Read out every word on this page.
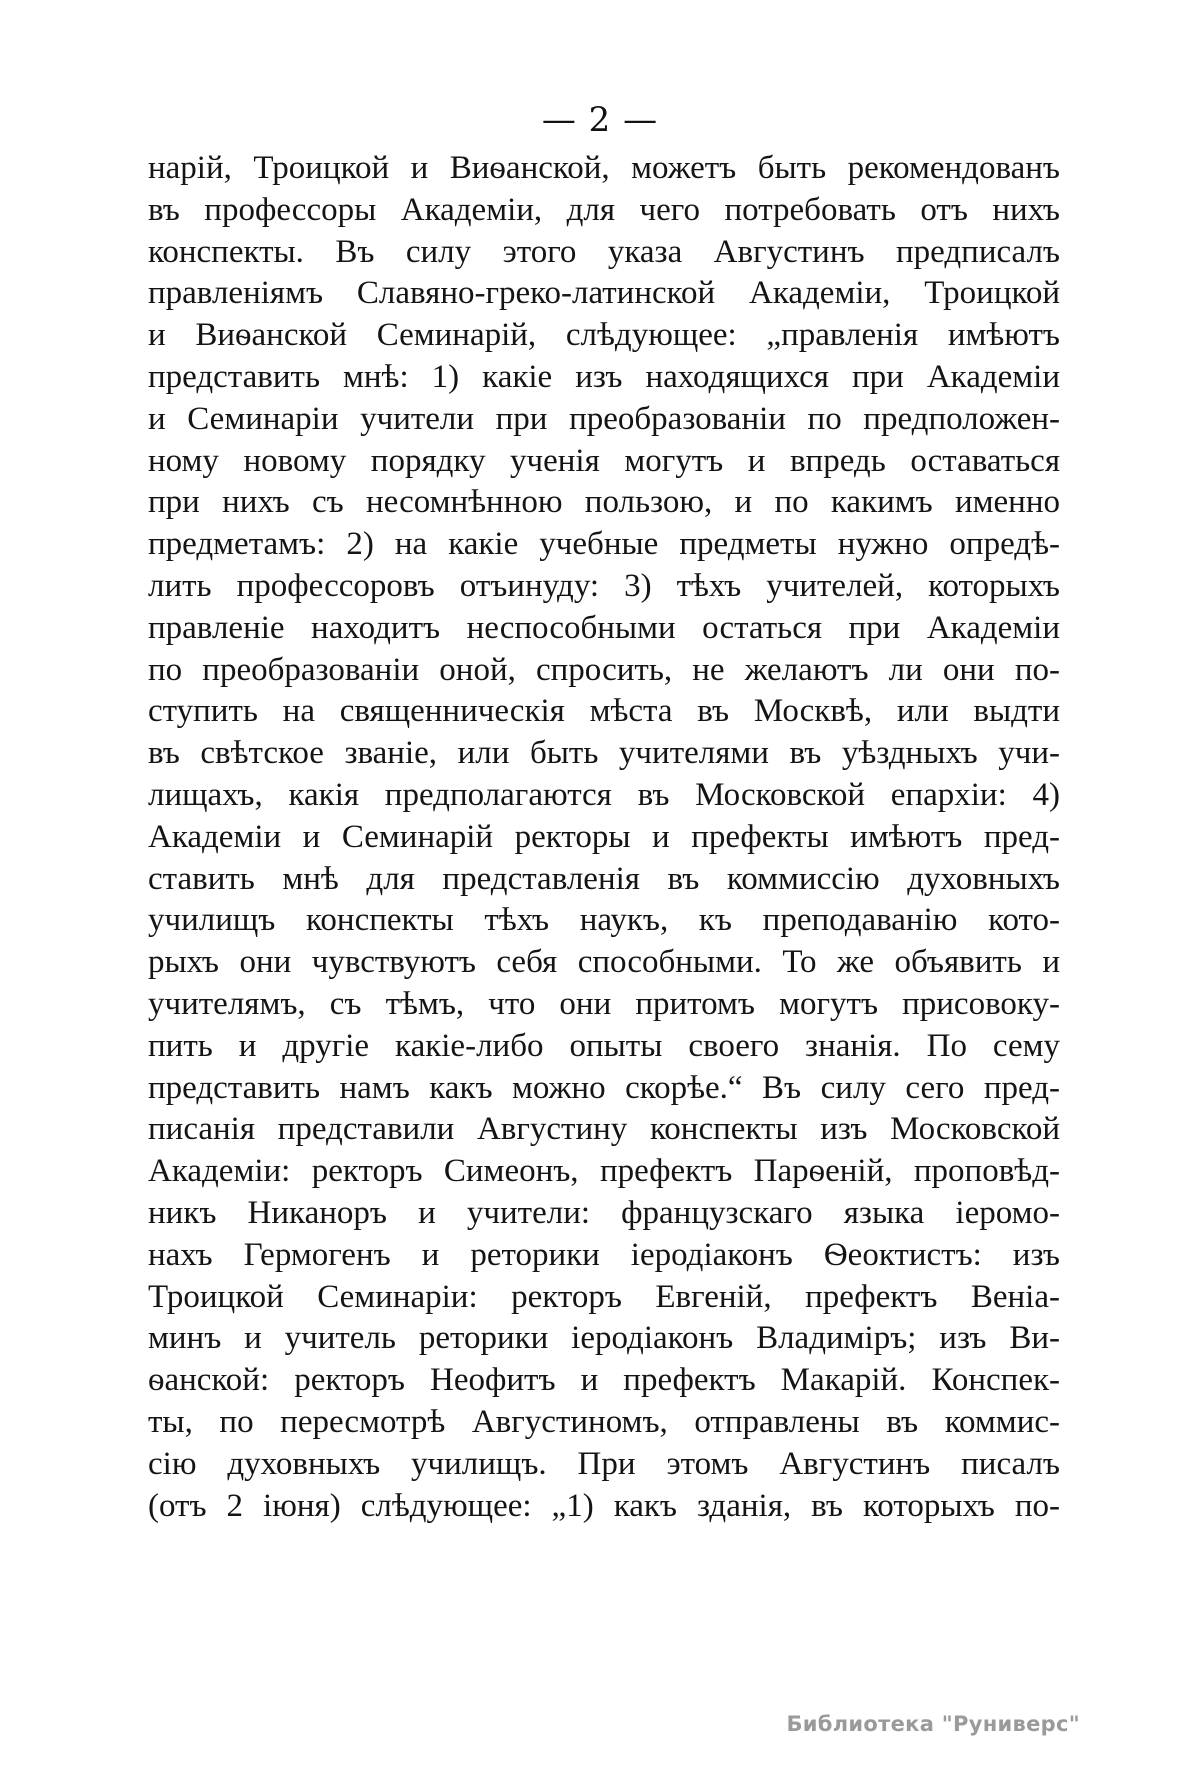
— 2 —
нарій, Троицкой и Виѳанской, можетъ быть рекомендованъ
въ профессоры Академіи, для чего потребовать отъ нихъ
конспекты. Въ силу этого указа Августинъ предписалъ
правленіямъ Славяно-греко-латинской Академіи, Троицкой
и Виѳанской Семинарій, слѣдующее: „правленія имѣютъ
представить мнѣ: 1) какіе изъ находящихся при Академіи
и Семинаріи учители при преобразованіи по предположен-
ному новому порядку ученія могутъ и впредь оставаться
при нихъ съ несомнѣнною пользою, и по какимъ именно
предметамъ: 2) на какіе учебные предметы нужно опредѣ-
лить профессоровъ отъинуду: 3) тѣхъ учителей, которыхъ
правленіе находитъ неспособными остаться при Академіи
по преобразованіи оной, спросить, не желаютъ ли они по-
ступить на священническія мѣста въ Москвѣ, или выдти
въ свѣтское званіе, или быть учителями въ уѣздныхъ учи-
лищахъ, какія предполагаются въ Московской епархіи: 4)
Академіи и Семинарій ректоры и префекты имѣютъ пред-
ставить мнѣ для представленія въ коммиссію духовныхъ
училищъ конспекты тѣхъ наукъ, къ преподаванію кото-
рыхъ они чувствуютъ себя способными. То же объявить и
учителямъ, съ тѣмъ, что они притомъ могутъ присовоку-
пить и другіе какіе-либо опыты своего знанія. По сему
представить намъ какъ можно скорѣе.“ Въ силу сего пред-
писанія представили Августину конспекты изъ Московской
Академіи: ректоръ Симеонъ, префектъ Парѳеній, проповѣд-
никъ Никаноръ и учители: французскаго языка іеромо-
нахъ Гермогенъ и реторики іеродіаконъ Ѳеоктистъ: изъ
Троицкой Семинаріи: ректоръ Евгеній, префектъ Веніа-
минъ и учитель реторики іеродіаконъ Владиміръ; изъ Ви-
ѳанской: ректоръ Неофитъ и префектъ Макарій. Конспек-
ты, по пересмотрѣ Августиномъ, отправлены въ коммис-
сію духовныхъ училищъ. При этомъ Августинъ писалъ
(отъ 2 іюня) слѣдующее: „1) какъ зданія, въ которыхъ по-
Библиотека "Руниверс"
